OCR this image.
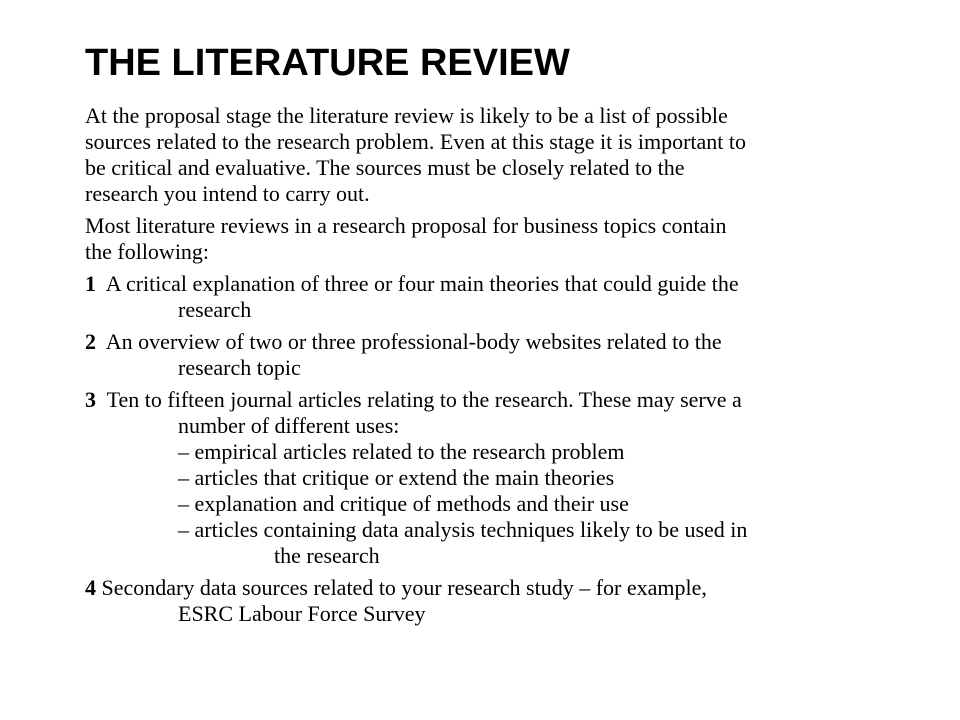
THE LITERATURE REVIEW
At the proposal stage the literature review is likely to be a list of possible
sources related to the research problem. Even at this stage it is important to
be critical and evaluative. The sources must be closely related to the
research you intend to carry out.
Most literature reviews in a research proposal for business topics contain
the following:
1  A critical explanation of three or four main theories that could guide the
research
2  An overview of two or three professional-body websites related to the
research topic
3  Ten to fifteen journal articles relating to the research. These may serve a
number of different uses:
– empirical articles related to the research problem
– articles that critique or extend the main theories
– explanation and critique of methods and their use
– articles containing data analysis techniques likely to be used in
the research
4 Secondary data sources related to your research study – for example,
ESRC Labour Force Survey
